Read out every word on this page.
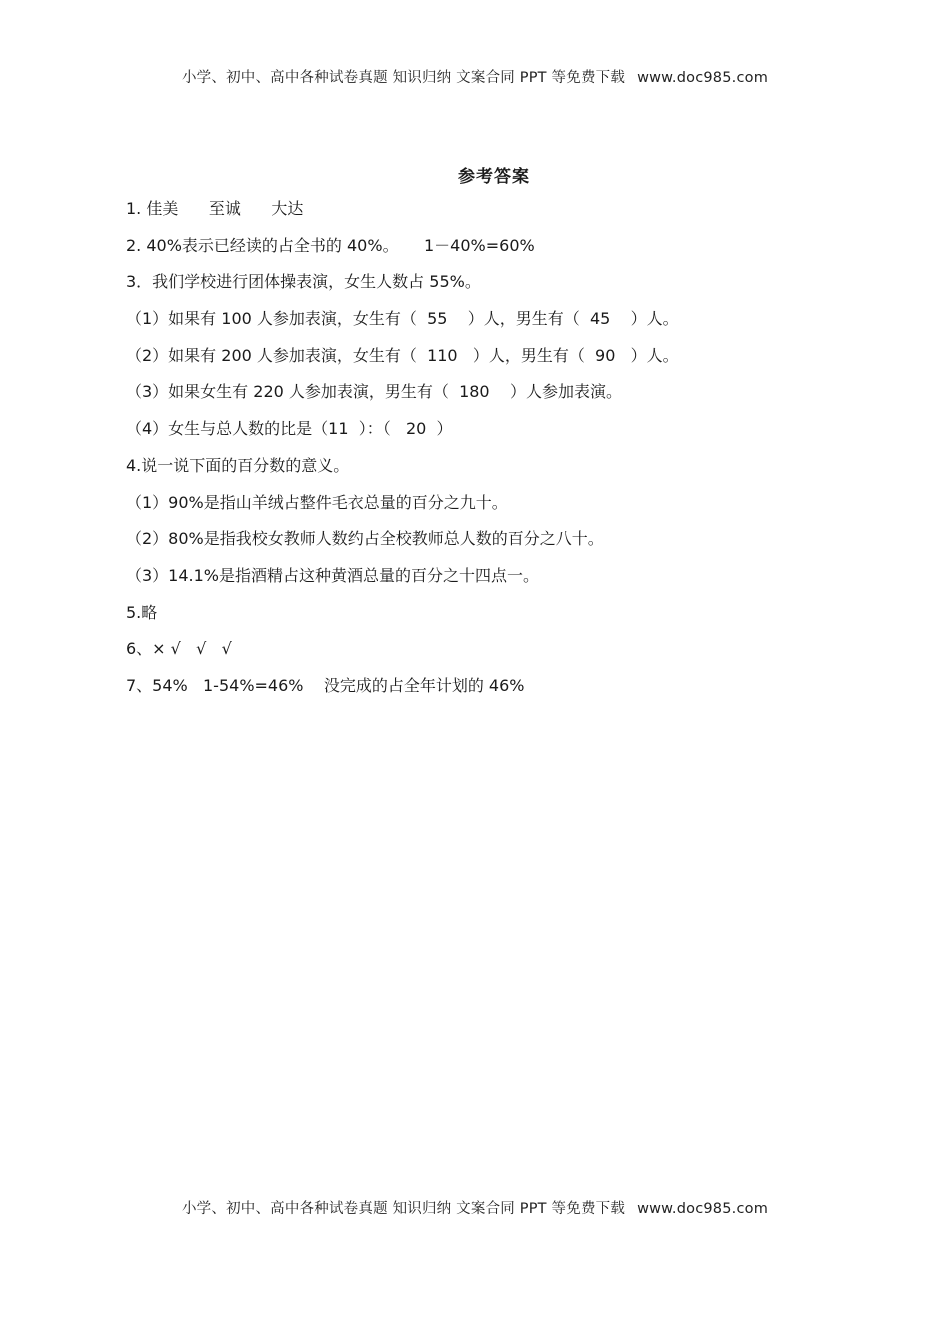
小学、初中、高中各种试卷真题 知识归纳 文案合同 PPT 等免费下载 www.doc985.com
参考答案
1. 佳美      至诚      大达
2. 40%表示已经读的占全书的 40%。     1－40%=60%
3．我们学校进行团体操表演，女生人数占 55%。
（1）如果有 100 人参加表演，女生有（  55    ）人，男生有（  45    ）人。
（2）如果有 200 人参加表演，女生有（  110   ）人，男生有（  90   ）人。
（3）如果女生有 220 人参加表演，男生有（  180    ）人参加表演。
（4）女生与总人数的比是（11  ）：（   20  ）
4.说一说下面的百分数的意义。
（1）90%是指山羊绒占整件毛衣总量的百分之九十。
（2）80%是指我校女教师人数约占全校教师总人数的百分之八十。
（3）14.1%是指酒精占这种黄酒总量的百分之十四点一。
5.略
6、× √   √   √
7、54%   1-54%=46%    没完成的占全年计划的 46%
小学、初中、高中各种试卷真题 知识归纳 文案合同 PPT 等免费下载 www.doc985.com
